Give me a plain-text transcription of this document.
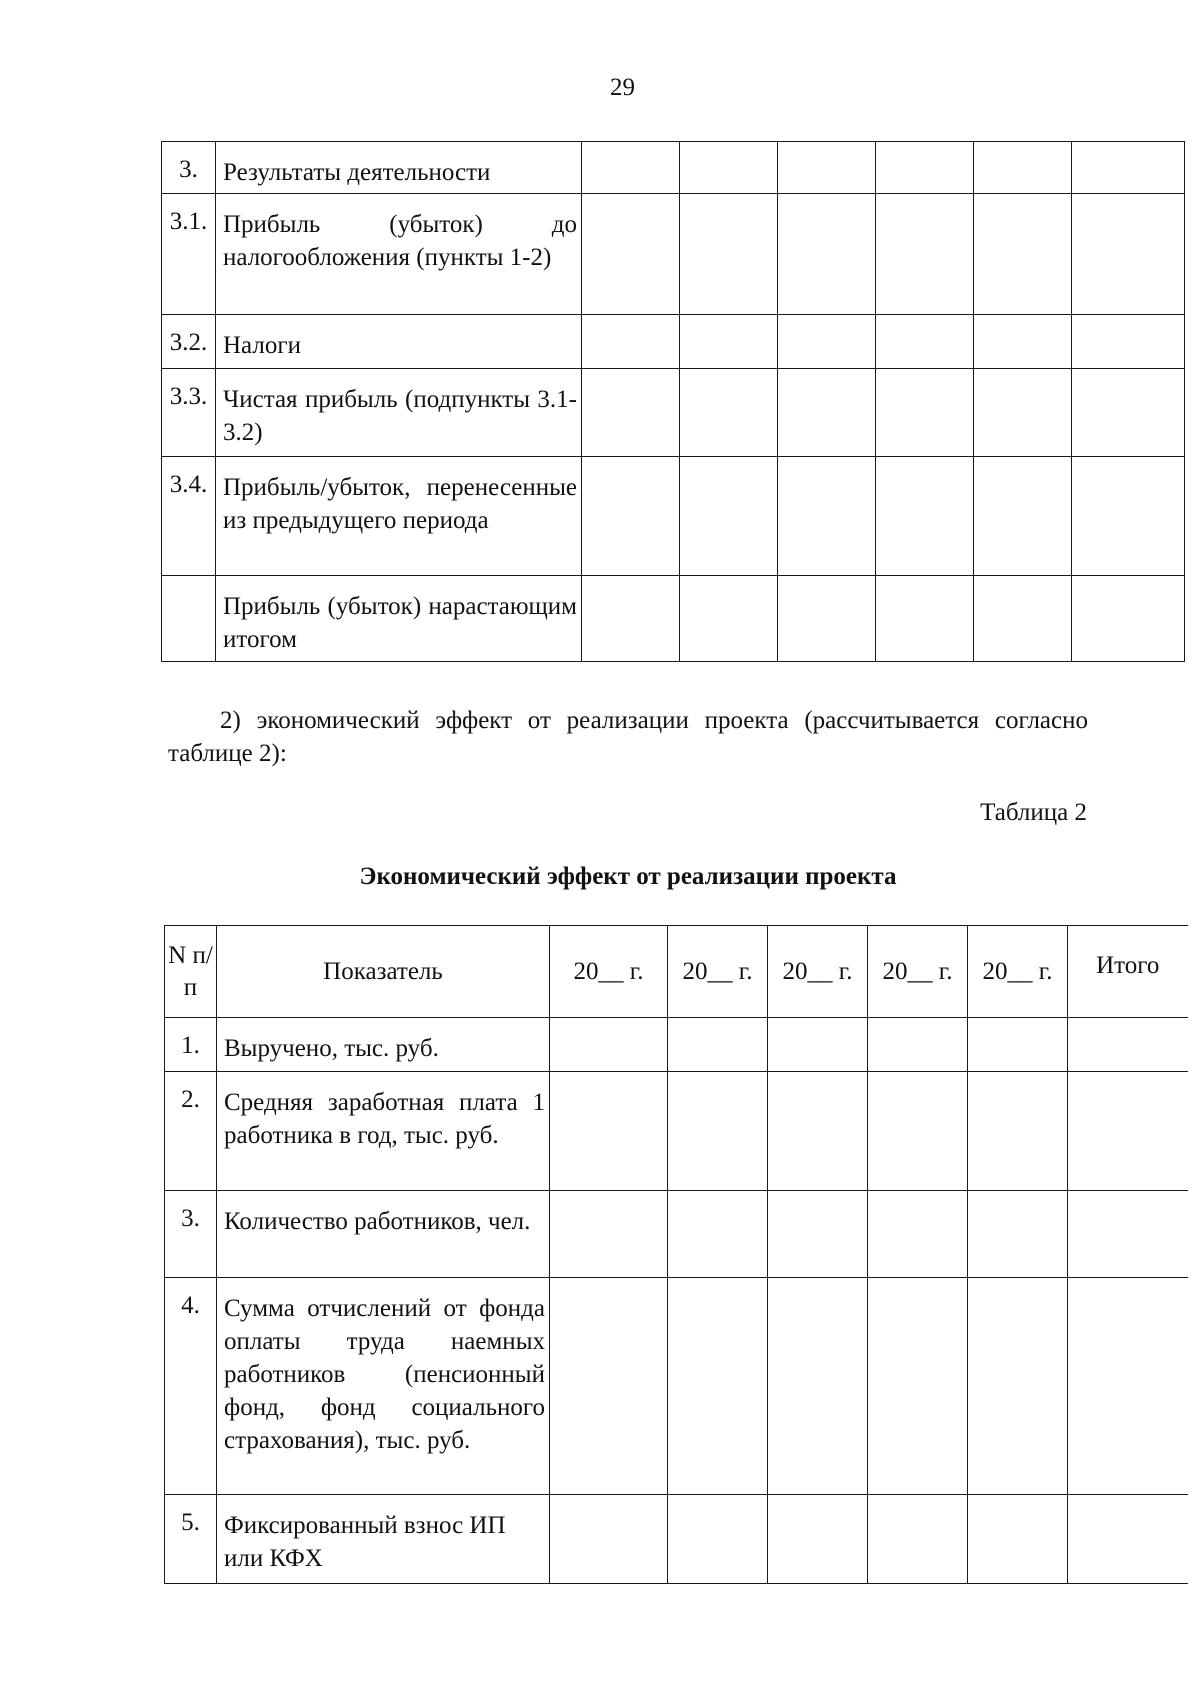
29
3.	Результаты деятельности						
3.1.	Прибыль (убыток) до налогообложения (пункты 1-2)						
3.2.	Налоги						
3.3.	Чистая прибыль (подпункты 3.1-3.2)						
3.4.	Прибыль/убыток, перенесенные из предыдущего периода						
	Прибыль (убыток) нарастающим итогом						
2) экономический эффект от реализации проекта (рассчитывается согласно таблице 2):
Таблица 2
Экономический эффект от реализации проекта
N п/п	Показатель	20__ г.	20__ г.	20__ г.	20__ г.	20__ г.	Итого
1.	Выручено, тыс. руб.						
2.	Средняя заработная плата 1 работника в год, тыс. руб.						
3.	Количество работников, чел.						
4.	Сумма отчислений от фонда оплаты труда наемных работников (пенсионный фонд, фонд социального страхования), тыс. руб.						
5.	Фиксированный взнос ИП или КФХ						
